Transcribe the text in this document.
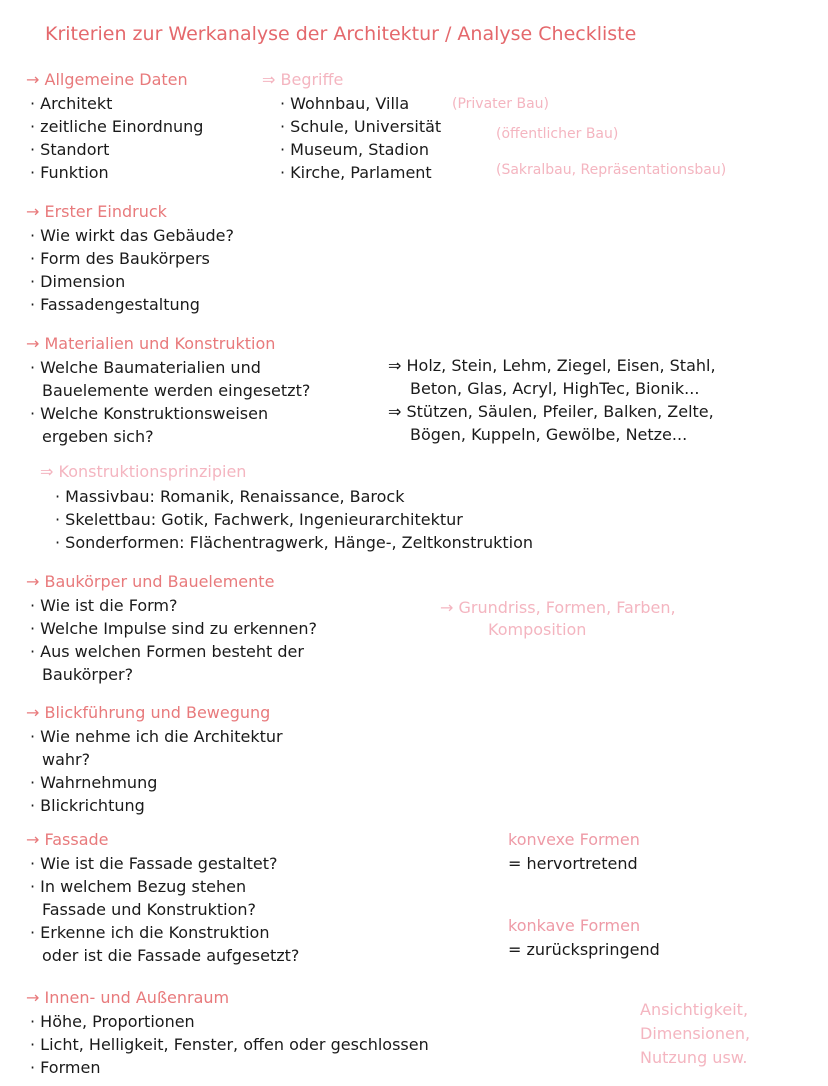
Kriterien zur Werkanalyse der Architektur / Analyse Checkliste
→ Allgemeine Daten
· Architekt
· zeitliche Einordnung
· Standort
· Funktion
⇒ Begriffe
· Wohnbau, Villa
· Schule, Universität
· Museum, Stadion
· Kirche, Parlament
(Privater Bau)
(öffentlicher Bau)
(Sakralbau, Repräsentationsbau)
→ Erster Eindruck
· Wie wirkt das Gebäude?
· Form des Baukörpers
· Dimension
· Fassadengestaltung
→ Materialien und Konstruktion
· Welche Baumaterialien und
Bauelemente werden eingesetzt?
· Welche Konstruktionsweisen
ergeben sich?
⇒ Holz, Stein, Lehm, Ziegel, Eisen, Stahl,
Beton, Glas, Acryl, HighTec, Bionik...
⇒ Stützen, Säulen, Pfeiler, Balken, Zelte,
Bögen, Kuppeln, Gewölbe, Netze...
⇒ Konstruktionsprinzipien
· Massivbau: Romanik, Renaissance, Barock
· Skelettbau: Gotik, Fachwerk, Ingenieurarchitektur
· Sonderformen: Flächentragwerk, Hänge-, Zeltkonstruktion
→ Baukörper und Bauelemente
· Wie ist die Form?
· Welche Impulse sind zu erkennen?
· Aus welchen Formen besteht der
Baukörper?
→ Grundriss, Formen, Farben,
Komposition
→ Blickführung und Bewegung
· Wie nehme ich die Architektur
wahr?
· Wahrnehmung
· Blickrichtung
→ Fassade
· Wie ist die Fassade gestaltet?
· In welchem Bezug stehen
Fassade und Konstruktion?
· Erkenne ich die Konstruktion
oder ist die Fassade aufgesetzt?
konvexe Formen
= hervortretend
konkave Formen
= zurückspringend
→ Innen- und Außenraum
· Höhe, Proportionen
· Licht, Helligkeit, Fenster, offen oder geschlossen
· Formen
Ansichtigkeit,
Dimensionen,
Nutzung usw.
